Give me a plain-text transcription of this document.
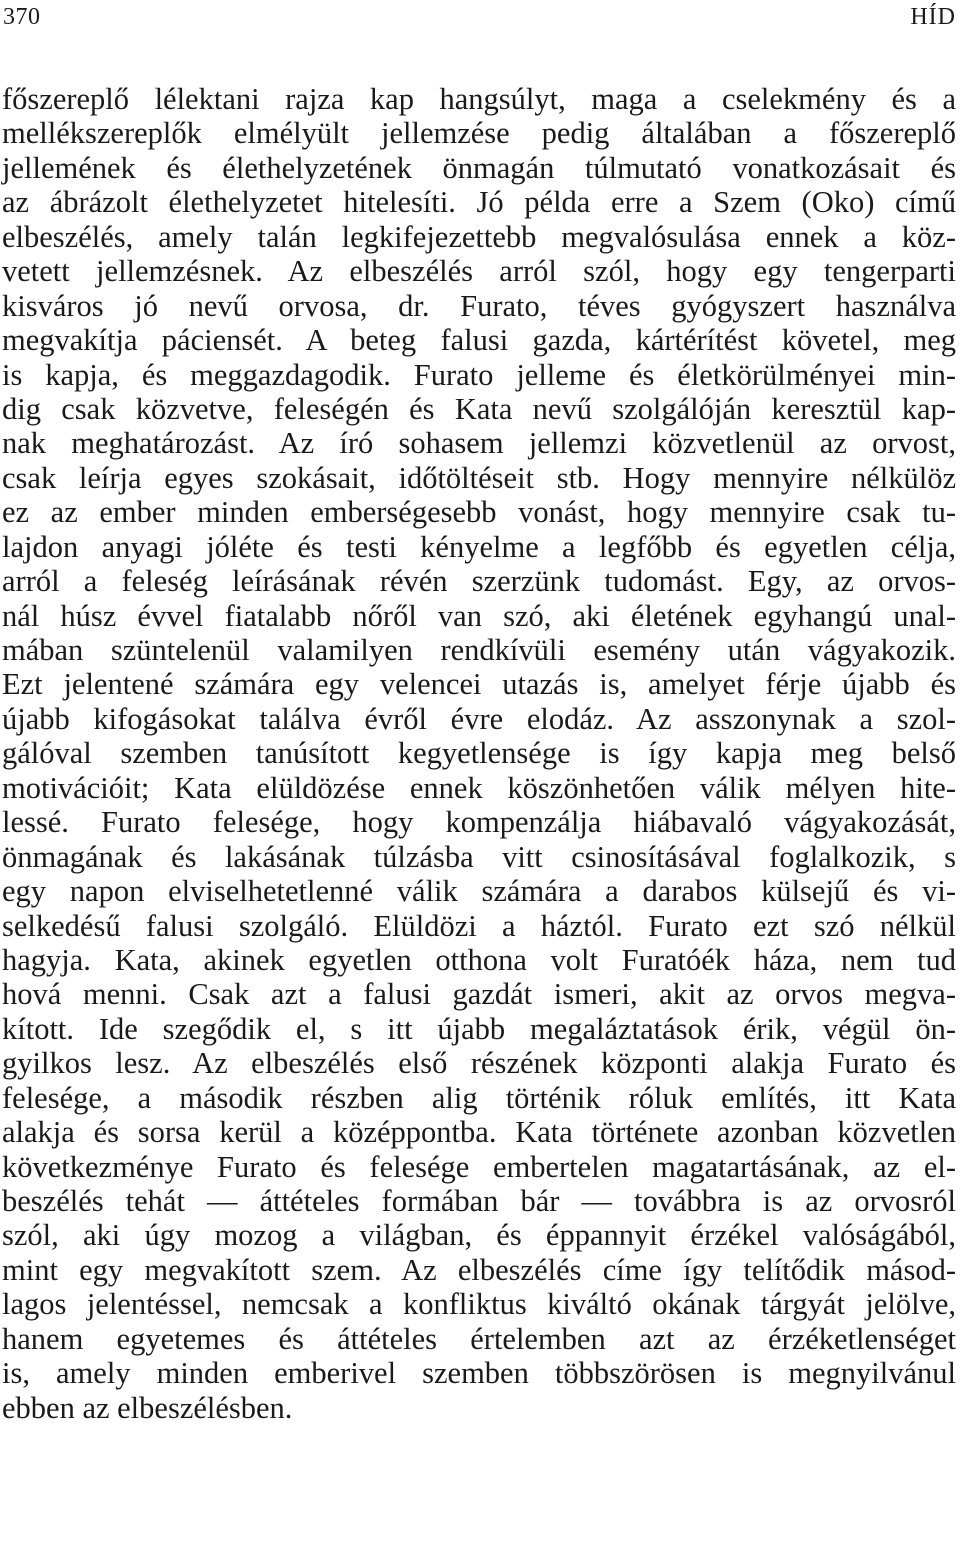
370	HÍD
főszereplő lélektani rajza kap hangsúlyt, maga a cselekmény és a
mellékszereplők elmélyült jellemzése pedig általában a főszereplő
jellemének és élethelyzetének önmagán túlmutató vonatkozásait és
az ábrázolt élethelyzetet hitelesíti. Jó példa erre a Szem (Oko) című
elbeszélés, amely talán legkifejezettebb megvalósulása ennek a köz-
vetett jellemzésnek. Az elbeszélés arról szól, hogy egy tengerparti
kisváros jó nevű orvosa, dr. Furato, téves gyógyszert használva
megvakítja páciensét. A beteg falusi gazda, kártérítést követel, meg
is kapja, és meggazdagodik. Furato jelleme és életkörülményei min-
dig csak közvetve, feleségén és Kata nevű szolgálóján keresztül kap-
nak meghatározást. Az író sohasem jellemzi közvetlenül az orvost,
csak leírja egyes szokásait, időtöltéseit stb. Hogy mennyire nélkülöz
ez az ember minden emberségesebb vonást, hogy mennyire csak tu-
lajdon anyagi jóléte és testi kényelme a legfőbb és egyetlen célja,
arról a feleség leírásának révén szerzünk tudomást. Egy, az orvos-
nál húsz évvel fiatalabb nőről van szó, aki életének egyhangú unal-
mában szüntelenül valamilyen rendkívüli esemény után vágyakozik.
Ezt jelentené számára egy velencei utazás is, amelyet férje újabb és
újabb kifogásokat találva évről évre elodáz. Az asszonynak a szol-
gálóval szemben tanúsított kegyetlensége is így kapja meg belső
motivációit; Kata elüldözése ennek köszönhetően válik mélyen hite-
lessé. Furato felesége, hogy kompenzálja hiábavaló vágyakozását,
önmagának és lakásának túlzásba vitt csinosításával foglalkozik, s
egy napon elviselhetetlenné válik számára a darabos külsejű és vi-
selkedésű falusi szolgáló. Elüldözi a háztól. Furato ezt szó nélkül
hagyja. Kata, akinek egyetlen otthona volt Furatóék háza, nem tud
hová menni. Csak azt a falusi gazdát ismeri, akit az orvos megva-
kított. Ide szegődik el, s itt újabb megaláztatások érik, végül ön-
gyilkos lesz. Az elbeszélés első részének központi alakja Furato és
felesége, a második részben alig történik róluk említés, itt Kata
alakja és sorsa kerül a középpontba. Kata története azonban közvetlen
következménye Furato és felesége embertelen magatartásának, az el-
beszélés tehát — áttételes formában bár — továbbra is az orvosról
szól, aki úgy mozog a világban, és éppannyit érzékel valóságából,
mint egy megvakított szem. Az elbeszélés címe így telítődik másod-
lagos jelentéssel, nemcsak a konfliktus kiváltó okának tárgyát jelölve,
hanem egyetemes és áttételes értelemben azt az érzéketlenséget
is, amely minden emberivel szemben többszörösen is megnyilvánul
ebben az elbeszélésben.
